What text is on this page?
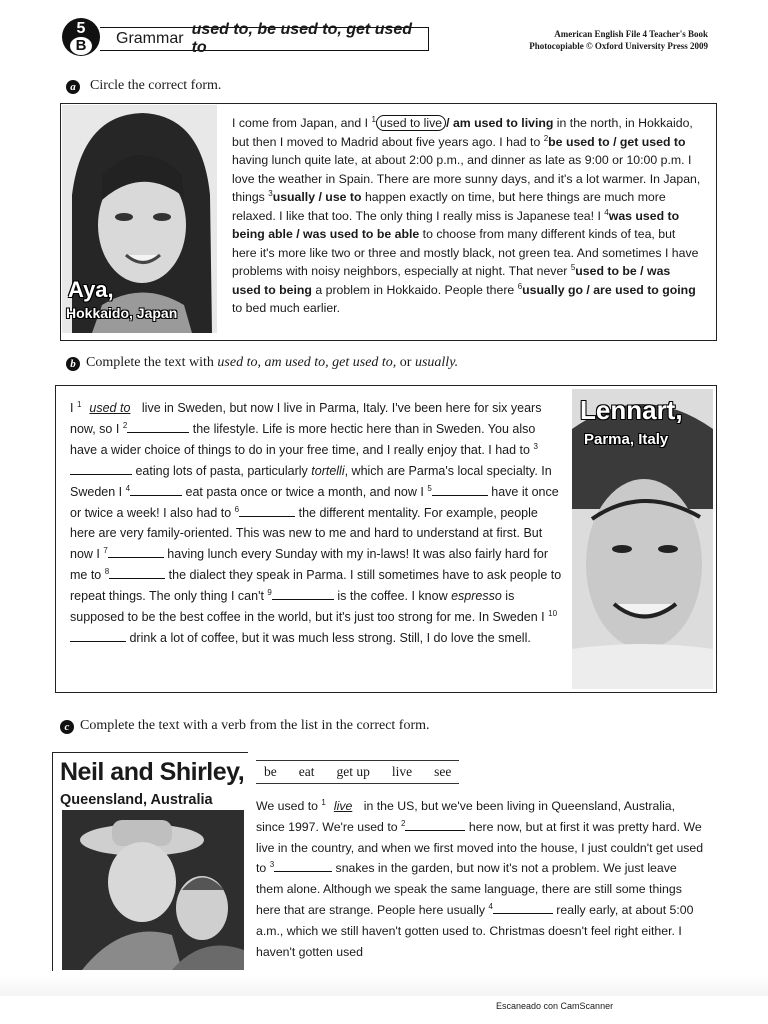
5
B	Grammar
used to, be used to, get used to
American English File 4 Teacher's Book
Photocopiable © Oxford University Press 2009
a	Circle the correct form.
Aya,
Hokkaido, Japan
I come from Japan, and I $^1$ used to live / am used to living in the north, in Hokkaido, but then I moved to Madrid about five years ago. I had to $^2$be used to / get used to having lunch quite late, at about 2:00 p.m., and dinner as late as 9:00 or 10:00 p.m. I love the weather in Spain. There are more sunny days, and it's a lot warmer. In Japan, things $^3$usually / use to happen exactly on time, but here things are much more relaxed. I like that too. The only thing I really miss is Japanese tea! I $^4$was used to being able / was used to be able to choose from many different kinds of tea, but here it's more like two or three and mostly black, not green tea. And sometimes I have problems with noisy neighbors, especially at night. That never $^5$used to be / was used to being a problem in Hokkaido. People there $^6$usually go / are used to going to bed much earlier.
b Complete the text with used to, am used to, get used to, or usually.
I $^1$ used to live in Sweden, but now I live in Parma, Italy. I've been here for six years now, so I $^2$	the lifestyle. Life is more hectic here than in Sweden. You also have a wider choice of things to do in your free time, and I really enjoy that. I had to $^3$ eating lots of pasta, particularly tortelli, which are Parma's local specialty. In Sweden I $^4$	eat pasta once or twice a month, and now I $^5$	have it once or twice a week! I also had to $^6$	the different mentality. For example, people here are very family-oriented. This was new to me and hard to understand at first. But now I $^7$	having lunch every Sunday with my in-laws! It was also fairly hard for me to $^8$	the dialect they speak in Parma. I still sometimes have to ask people to repeat things. The only thing I can't $^9$	is the coffee. I know espresso is supposed to be the best coffee in the world, but it's just too strong for me. In Sweden I $^{10}$ drink a lot of coffee, but it was much less strong. Still, I do love the smell.
Lennart,
Parma, Italy
c Complete the text with a verb from the list in the correct form.
Neil and Shirley,
Queensland, Australia
be eat get up live see
We used to $^1$ live in the US, but we've been living in Queensland, Australia, since 1997. We're used to $^2$	here now, but at first it was pretty hard. We live in the country, and when we first moved into the house, I just couldn't get used to $^3$	snakes in the garden, but now it's not a problem. We just leave them alone. Although we speak the same language, there are still some things here that are strange. People here usually $^4$	really early, at about 5:00 a.m., which we still haven't gotten used to. Christmas doesn't feel right either. I haven't gotten used
Escaneado con CamScanner
